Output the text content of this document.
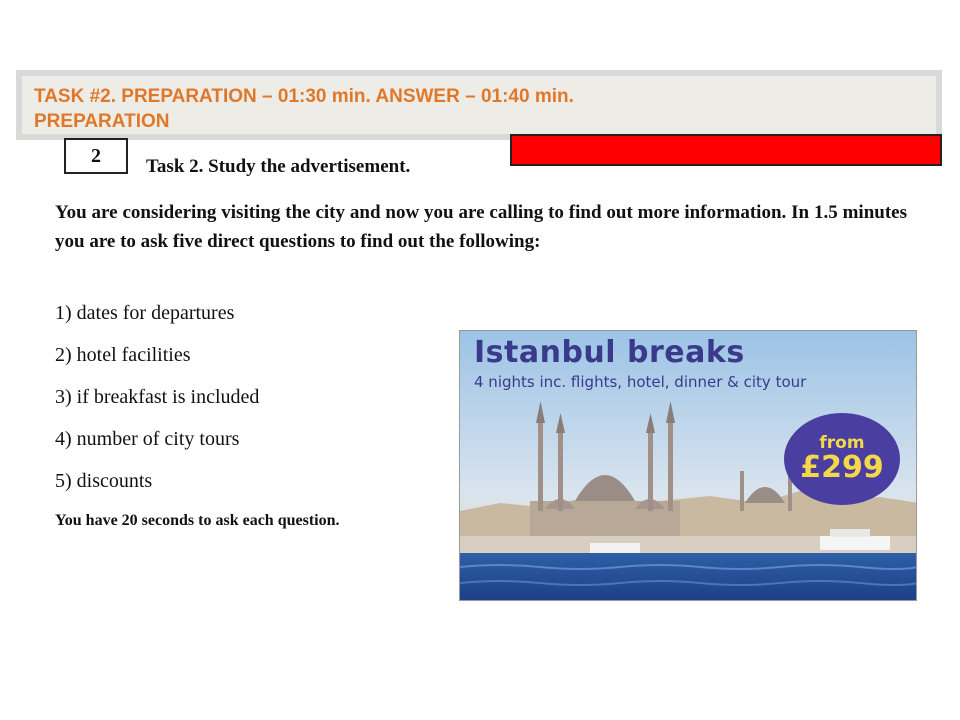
TASK #2. PREPARATION – 01:30 min. ANSWER – 01:40 min.
PREPARATION
2	Task 2. Study the advertisement.

You are considering visiting the city and now you are calling to find out more information. In 1.5 minutes you are to ask five direct questions to find out the following:

1) dates for departures
2) hotel facilities
3) if breakfast is included
4) number of city tours
5) discounts
You have 20 seconds to ask each question.
Istanbul breaks
4 nights inc. flights, hotel, dinner & city tour
from
£299
